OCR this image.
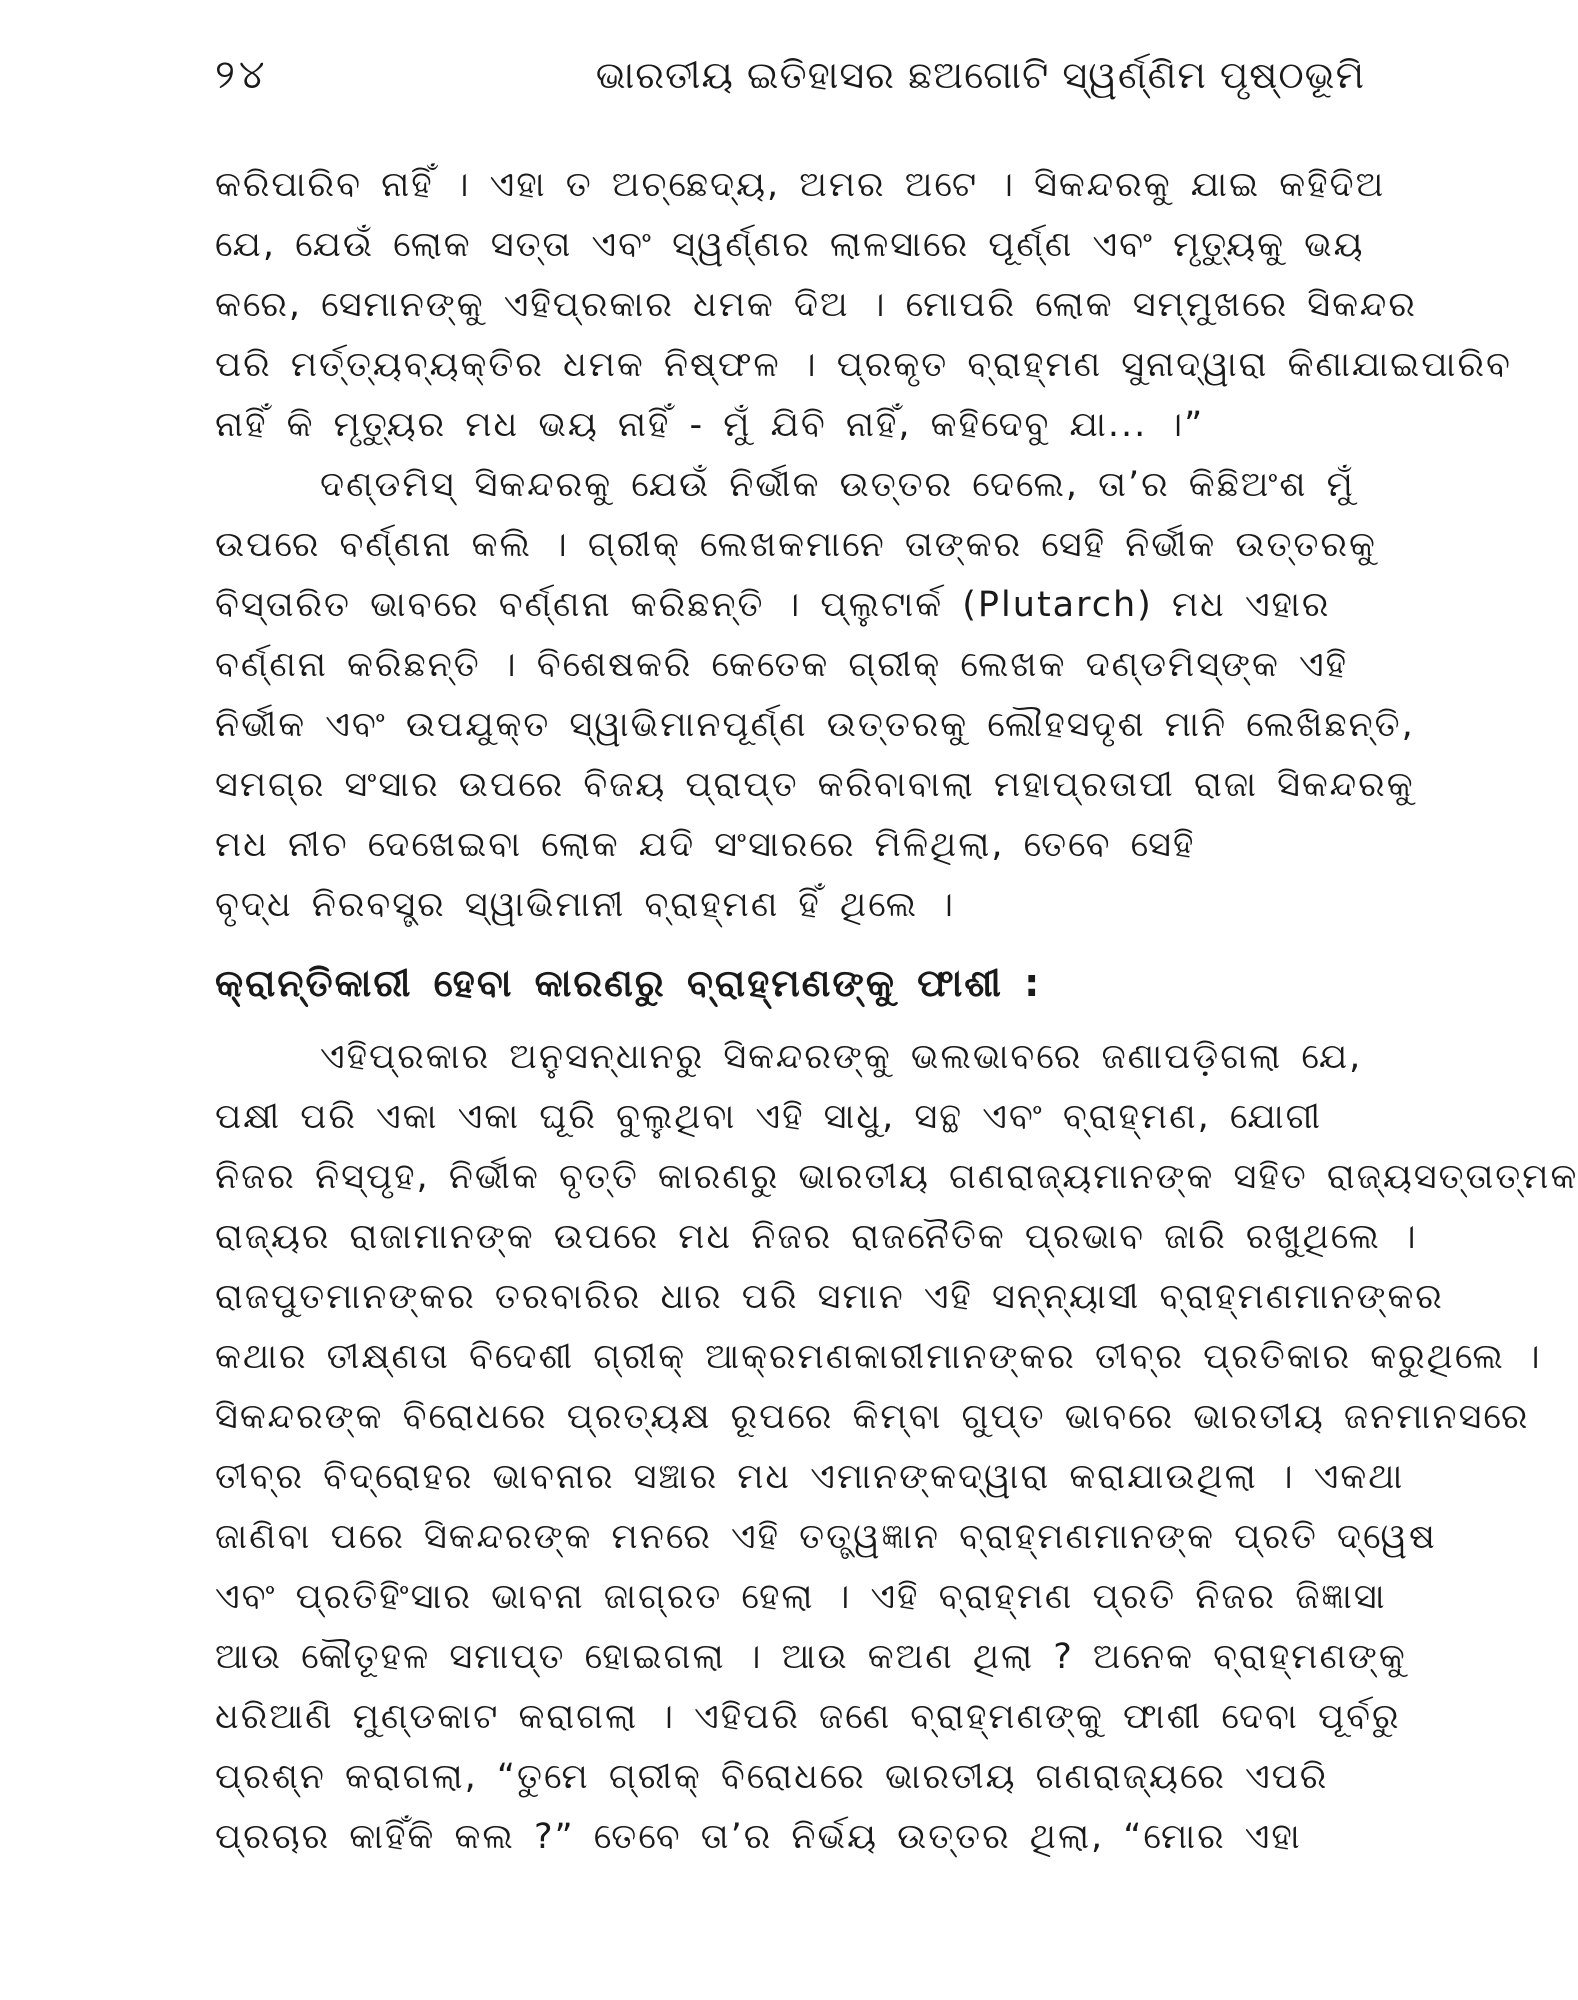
୨୪	ଭାରତୀୟ ଇତିହାସର ଛଅଗୋଟି ସ୍ୱର୍ଣ୍ଣିମ ପୃଷ୍ଠଭୂମି
କରିପାରିବ ନାହିଁ । ଏହା ତ ଅଚ୍ଛେଦ୍ୟ, ଅମର ଅଟେ । ସିକନ୍ଦରକୁ ଯାଇ କହିଦିଅ
ଯେ, ଯେଉଁ ଲୋକ ସତ୍ତା ଏବଂ ସ୍ୱର୍ଣ୍ଣର ଲାଳସାରେ ପୂର୍ଣ୍ଣ ଏବଂ ମୃତ୍ୟୁକୁ ଭୟ
କରେ, ସେମାନଙ୍କୁ ଏହିପ୍ରକାର ଧମକ ଦିଅ । ମୋପରି ଲୋକ ସମ୍ମୁଖରେ ସିକନ୍ଦର
ପରି ମର୍ତ୍ତ୍ୟବ୍ୟକ୍ତିର ଧମକ ନିଷ୍ଫଳ । ପ୍ରକୃତ ବ୍ରାହ୍ମଣ ସୁନାଦ୍ୱାରା କିଣାଯାଇପାରିବ
ନାହିଁ କି ମୃତ୍ୟୁର ମଧ ଭୟ ନାହିଁ - ମୁଁ ଯିବି ନାହିଁ, କହିଦେବୁ ଯା... ।”
ଦଣ୍ଡମିସ୍ ସିକନ୍ଦରକୁ ଯେଉଁ ନିର୍ଭୀକ ଉତ୍ତର ଦେଲେ, ତା’ର କିଛିଅଂଶ ମୁଁ
ଉପରେ ବର୍ଣ୍ଣନା କଲି । ଗ୍ରୀକ୍ ଲେଖକମାନେ ତାଙ୍କର ସେହି ନିର୍ଭୀକ ଉତ୍ତରକୁ
ବିସ୍ତାରିତ ଭାବରେ ବର୍ଣ୍ଣନା କରିଛନ୍ତି । ପ୍ଲୁଟାର୍କ (Plutarch) ମଧ ଏହାର
ବର୍ଣ୍ଣନା କରିଛନ୍ତି । ବିଶେଷକରି କେତେକ ଗ୍ରୀକ୍ ଲେଖକ ଦଣ୍ଡମିସ୍‌ଙ୍କ ଏହି
ନିର୍ଭୀକ ଏବଂ ଉପଯୁକ୍ତ ସ୍ୱାଭିମାନପୂର୍ଣ୍ଣ ଉତ୍ତରକୁ ଲୌହସଦୃଶ ମାନି ଲେଖିଛନ୍ତି,
ସମଗ୍ର ସଂସାର ଉପରେ ବିଜୟ ପ୍ରାପ୍ତ କରିବାବାଲା ମହାପ୍ରତାପୀ ରାଜା ସିକନ୍ଦରକୁ
ମଧ ନୀଚ ଦେଖେଇବା ଲୋକ ଯଦି ସଂସାରରେ ମିଳିଥିଲା, ତେବେ ସେହି
ବୃଦ୍ଧ ନିରବସ୍ତ୍ର ସ୍ୱାଭିମାନୀ ବ୍ରାହ୍ମଣ ହିଁ ଥିଲେ ।
କ୍ରାନ୍ତିକାରୀ ହେବା କାରଣରୁ ବ୍ରାହ୍ମଣଙ୍କୁ ଫାଶୀ :
ଏହିପ୍ରକାର ଅନୁସନ୍ଧାନରୁ ସିକନ୍ଦରଙ୍କୁ ଭଲଭାବରେ ଜଣାପଡ଼ିଗଲା ଯେ,
ପକ୍ଷୀ ପରି ଏକା ଏକା ଘୂରି ବୁଲୁଥିବା ଏହି ସାଧୁ, ସନ୍ଥ ଏବଂ ବ୍ରାହ୍ମଣ, ଯୋଗୀ
ନିଜର ନିସ୍ପୃହ, ନିର୍ଭୀକ ବୃତ୍ତି କାରଣରୁ ଭାରତୀୟ ଗଣରାଜ୍ୟମାନଙ୍କ ସହିତ ରାଜ୍ୟସତ୍ତାତ୍ମକ
ରାଜ୍ୟର ରାଜାମାନଙ୍କ ଉପରେ ମଧ ନିଜର ରାଜନୈତିକ ପ୍ରଭାବ ଜାରି ରଖୁଥିଲେ ।
ରାଜପୁତମାନଙ୍କର ତରବାରିର ଧାର ପରି ସମାନ ଏହି ସନ୍ନ୍ୟାସୀ ବ୍ରାହ୍ମଣମାନଙ୍କର
କଥାର ତୀକ୍ଷ୍ଣତା ବିଦେଶୀ ଗ୍ରୀକ୍ ଆକ୍ରମଣକାରୀମାନଙ୍କର ତୀବ୍ର ପ୍ରତିକାର କରୁଥିଲେ ।
ସିକନ୍ଦରଙ୍କ ବିରୋଧରେ ପ୍ରତ୍ୟକ୍ଷ ରୂପରେ କିମ୍ବା ଗୁପ୍ତ ଭାବରେ ଭାରତୀୟ ଜନମାନସରେ
ତୀବ୍ର ବିଦ୍ରୋହର ଭାବନାର ସଞ୍ଚାର ମଧ ଏମାନଙ୍କଦ୍ୱାରା କରାଯାଉଥିଲା । ଏକଥା
ଜାଣିବା ପରେ ସିକନ୍ଦରଙ୍କ ମନରେ ଏହି ତତ୍ତ୍ୱଜ୍ଞାନ ବ୍ରାହ୍ମଣମାନଙ୍କ ପ୍ରତି ଦ୍ୱେଷ
ଏବଂ ପ୍ରତିହିଂସାର ଭାବନା ଜାଗ୍ରତ ହେଲା । ଏହି ବ୍ରାହ୍ମଣ ପ୍ରତି ନିଜର ଜିଜ୍ଞାସା
ଆଉ କୌତୂହଳ ସମାପ୍ତ ହୋଇଗଲା । ଆଉ କଅଣ ଥିଲା ? ଅନେକ ବ୍ରାହ୍ମଣଙ୍କୁ
ଧରିଆଣି ମୁଣ୍ଡକାଟ କରାଗଲା । ଏହିପରି ଜଣେ ବ୍ରାହ୍ମଣଙ୍କୁ ଫାଶୀ ଦେବା ପୂର୍ବରୁ
ପ୍ରଶ୍ନ କରାଗଲା, “ତୁମେ ଗ୍ରୀକ୍ ବିରୋଧରେ ଭାରତୀୟ ଗଣରାଜ୍ୟରେ ଏପରି
ପ୍ରଚାର କାହିଁକି କଲ ?” ତେବେ ତା’ର ନିର୍ଭୟ ଉତ୍ତର ଥିଲା, “ମୋର ଏହା
